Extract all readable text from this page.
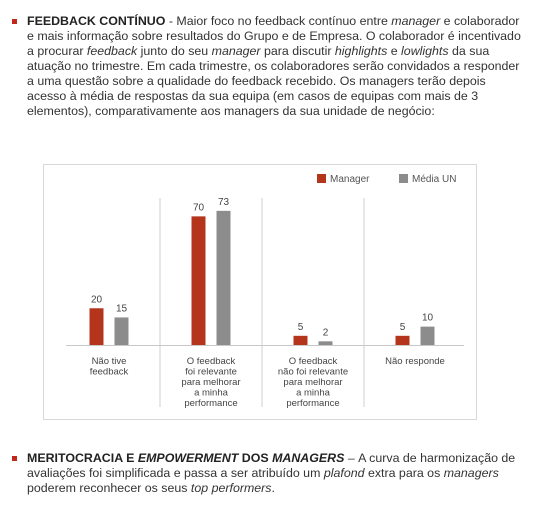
FEEDBACK CONTÍNUO - Maior foco no feedback contínuo entre manager e colaborador e mais informação sobre resultados do Grupo e de Empresa. O colaborador é incentivado a procurar feedback junto do seu manager para discutir highlights e lowlights da sua atuação no trimestre. Em cada trimestre, os colaboradores serão convidados a responder a uma questão sobre a qualidade do feedback recebido. Os managers terão depois acesso à média de respostas da sua equipa (em casos de equipas com mais de 3 elementos), comparativamente aos managers da sua unidade de negócio:

20
15
Não tive
feedback
70
73
O feedback
foi relevante
para melhorar
a minha
performance
5
2
O feedback
não foi relevante
para melhorar
a minha
performance
5
10
Não responde
Manager	Média UN

MERITOCRACIA E EMPOWERMENT DOS MANAGERS – A curva de harmonização de avaliações foi simplificada e passa a ser atribuído um plafond extra para os managers poderem reconhecer os seus top performers.
